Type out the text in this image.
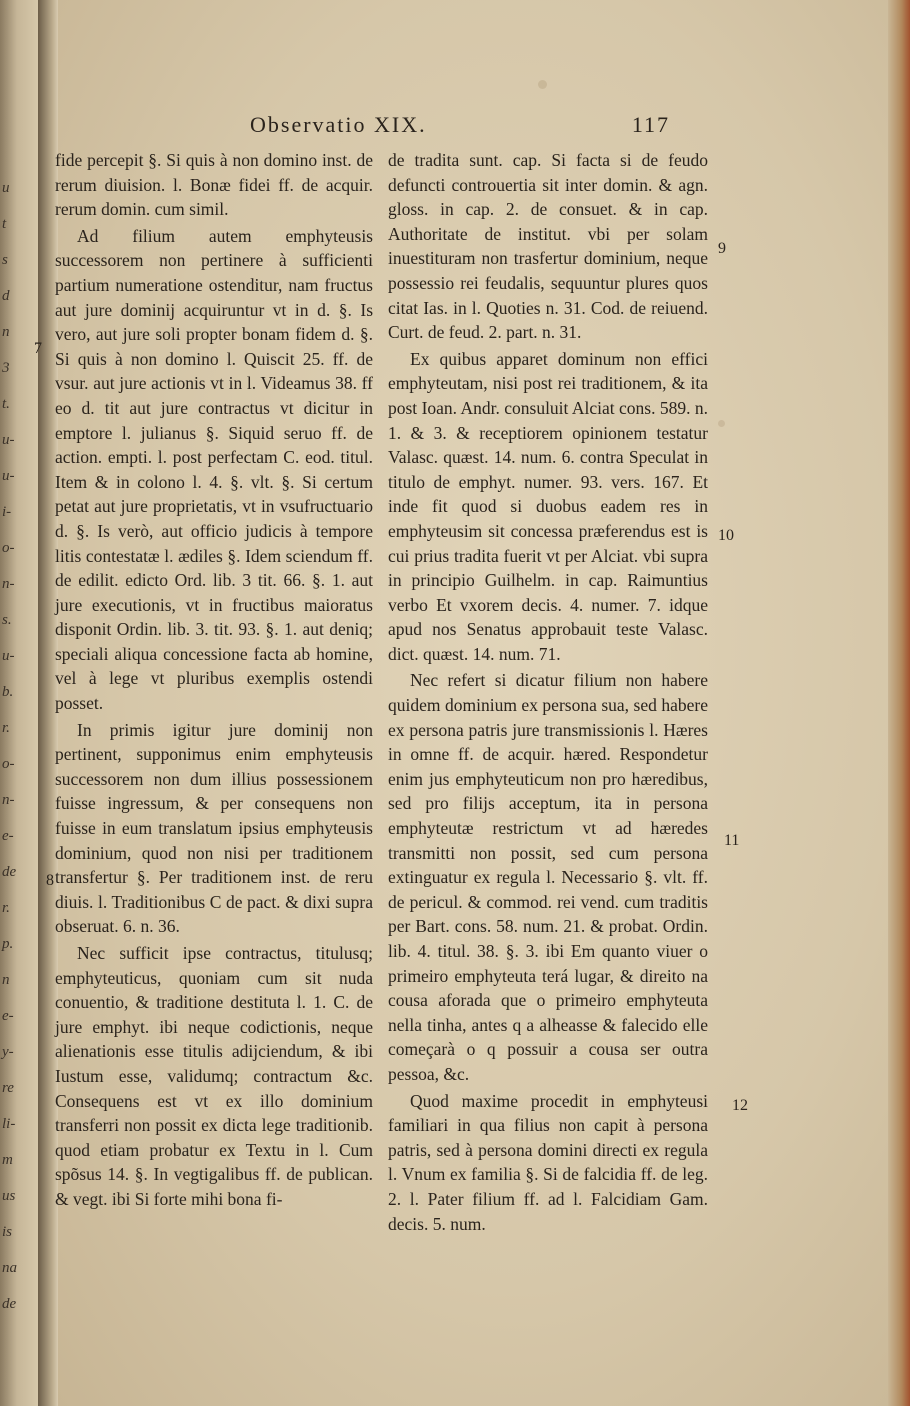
u
t
s
d
n
3
t.
u-
u-
i-
o-
n-
s.
u-
b.
r.
o-
n-
e-
de
r.
p.
n
e-
y-
re
li-
m
us
is
na
de
Observatio XIX.	117

fide percepit §. Si quis à non domino inst. de rerum diuision. l. Bonæ fidei ff. de acquir. rerum domin. cum simil.

Ad filium autem emphyteusis successorem non pertinere à sufficienti partium numeratione ostenditur, nam fructus aut jure dominij acquiruntur vt in d. §. Is vero, aut jure soli propter bonam fidem d. §. Si quis à non domino l. Quiscit 25. ff. de vsur. aut jure actionis vt in l. Videamus 38. ff eo d. tit aut jure contractus vt dicitur in emptore l. julianus §. Siquid seruo ff. de action. empti. l. post perfectam C. eod. titul. Item & in colono l. 4. §. vlt. §. Si certum petat aut jure proprietatis, vt in vsufructuario d. §. Is verò, aut officio judicis à tempore litis contestatæ l. ædiles §. Idem sciendum ff. de edilit. edicto Ord. lib. 3 tit. 66. §. 1. aut jure executionis, vt in fructibus maioratus disponit Ordin. lib. 3. tit. 93. §. 1. aut deniq; speciali aliqua concessione facta ab homine, vel à lege vt pluribus exemplis ostendi posset.

In primis igitur jure dominij non pertinent, supponimus enim emphyteusis successorem non dum illius possessionem fuisse ingressum, & per consequens non fuisse in eum translatum ipsius emphyteusis dominium, quod non nisi per traditionem transfertur §. Per traditionem inst. de reru diuis. l. Traditionibus C de pact. & dixi supra obseruat. 6. n. 36.

Nec sufficit ipse contractus, titulusq; emphyteuticus, quoniam cum sit nuda conuentio, & traditione destituta l. 1. C. de jure emphyt. ibi neque codictionis, neque alienationis esse titulis adijciendum, & ibi Iustum esse, validumq; contractum &c. Consequens est vt ex illo dominium transferri non possit ex dicta lege traditionib. quod etiam probatur ex Textu in l. Cum spõsus 14. §. In vegtigalibus ff. de publican. & vegt. ibi Si forte mihi bona fi-

de tradita sunt. cap. Si facta si de feudo defuncti controuertia sit inter domin. & agn. gloss. in cap. 2. de consuet. & in cap. Authoritate de institut. vbi per solam inuestituram non trasfertur dominium, neque possessio rei feudalis, sequuntur plures quos citat Ias. in l. Quoties n. 31. Cod. de reiuend. Curt. de feud. 2. part. n. 31.

Ex quibus apparet dominum non effici emphyteutam, nisi post rei traditionem, & ita post Ioan. Andr. consuluit Alciat cons. 589. n. 1. & 3. & receptiorem opinionem testatur Valasc. quæst. 14. num. 6. contra Speculat in titulo de emphyt. numer. 93. vers. 167. Et inde fit quod si duobus eadem res in emphyteusim sit concessa præferendus est is cui prius tradita fuerit vt per Alciat. vbi supra in principio Guilhelm. in cap. Raimuntius verbo Et vxorem decis. 4. numer. 7. idque apud nos Senatus approbauit teste Valasc. dict. quæst. 14. num. 71.

Nec refert si dicatur filium non habere quidem dominium ex persona sua, sed habere ex persona patris jure transmissionis l. Hæres in omne ff. de acquir. hæred. Respondetur enim jus emphyteuticum non pro hæredibus, sed pro filijs acceptum, ita in persona emphyteutæ restrictum vt ad hæredes transmitti non possit, sed cum persona extinguatur ex regula l. Necessario §. vlt. ff. de pericul. & commod. rei vend. cum traditis per Bart. cons. 58. num. 21. & probat. Ordin. lib. 4. titul. 38. §. 3. ibi Em quanto viuer o primeiro emphyteuta terá lugar, & direito na cousa aforada que o primeiro emphyteuta nella tinha, antes q a alheasse & falecido elle começarà o q possuir a cousa ser outra pessoa, &c.

Quod maxime procedit in emphyteusi familiari in qua filius non capit à persona patris, sed à persona domini directi ex regula l. Vnum ex familia §. Si de falcidia ff. de leg. 2. l. Pater filium ff. ad l. Falcidiam Gam. decis. 5. num.

7
8
9
10
11
12
